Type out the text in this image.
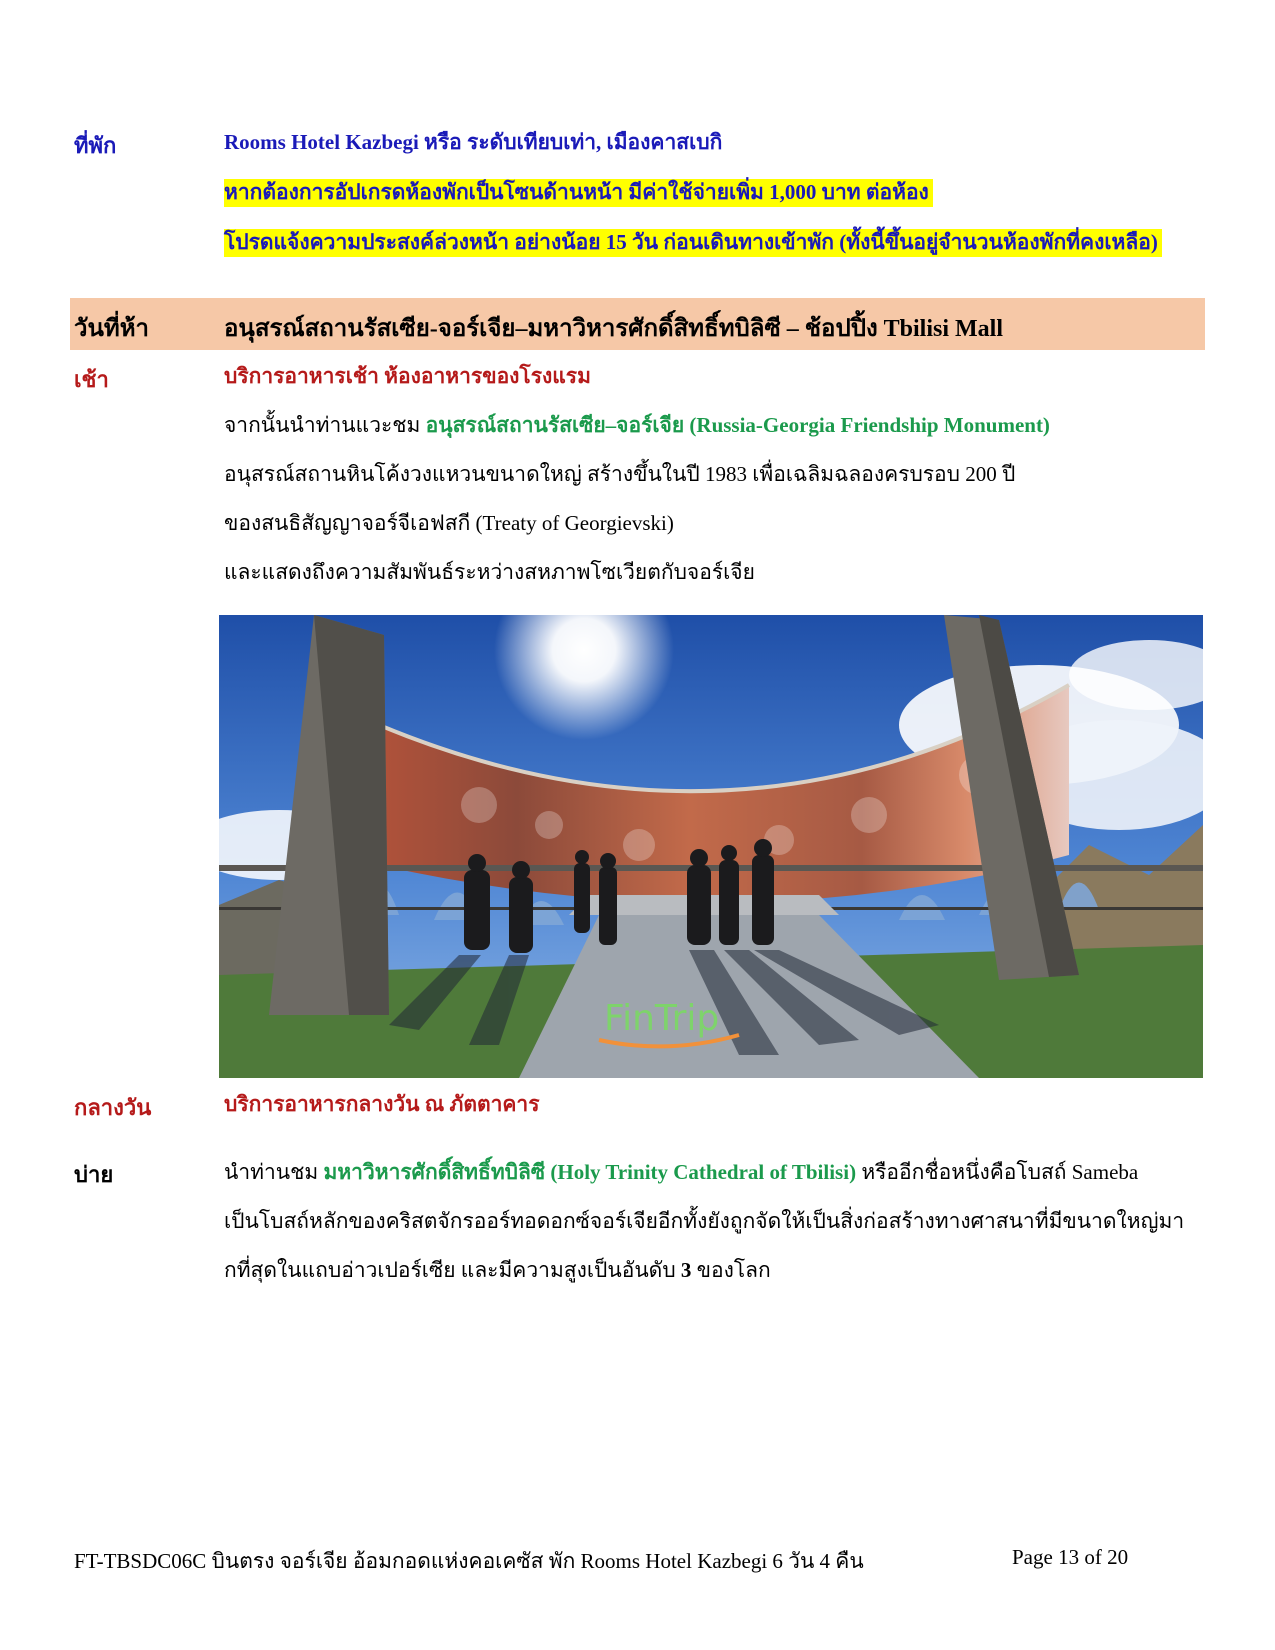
ที่พัก	Rooms Hotel Kazbegi หรือ ระดับเทียบเท่า, เมืองคาสเบกิ
หากต้องการอัปเกรดห้องพักเป็นโซนด้านหน้า มีค่าใช้จ่ายเพิ่ม 1,000 บาท ต่อห้อง
โปรดแจ้งความประสงค์ล่วงหน้า อย่างน้อย 15 วัน ก่อนเดินทางเข้าพัก (ทั้งนี้ขึ้นอยู่จำนวนห้องพักที่คงเหลือ)
วันที่ห้า	อนุสรณ์สถานรัสเซีย-จอร์เจีย–มหาวิหารศักดิ์สิทธิ์ทบิลิซี – ช้อปปิ้ง Tbilisi Mall
เช้า	บริการอาหารเช้า ห้องอาหารของโรงแรม
จากนั้นนำท่านแวะชม อนุสรณ์สถานรัสเซีย–จอร์เจีย (Russia-Georgia Friendship Monument)
อนุสรณ์สถานหินโค้งวงแหวนขนาดใหญ่ สร้างขึ้นในปี 1983 เพื่อเฉลิมฉลองครบรอบ 200 ปี
ของสนธิสัญญาจอร์จีเอฟสกี (Treaty of Georgievski)
และแสดงถึงความสัมพันธ์ระหว่างสหภาพโซเวียตกับจอร์เจีย
FinTrip
กลางวัน	บริการอาหารกลางวัน ณ ภัตตาคาร
บ่าย	นำท่านชม มหาวิหารศักดิ์สิทธิ์ทบิลิซี (Holy Trinity Cathedral of Tbilisi) หรืออีกชื่อหนึ่งคือโบสถ์ Sameba
เป็นโบสถ์หลักของคริสตจักรออร์ทอดอกซ์จอร์เจียอีกทั้งยังถูกจัดให้เป็นสิ่งก่อสร้างทางศาสนาที่มีขนาดใหญ่มา
กที่สุดในแถบอ่าวเปอร์เซีย และมีความสูงเป็นอันดับ 3 ของโลก
FT-TBSDC06C บินตรง จอร์เจีย อ้อมกอดแห่งคอเคซัส พัก Rooms Hotel Kazbegi 6 วัน 4 คืน	Page 13 of 20
